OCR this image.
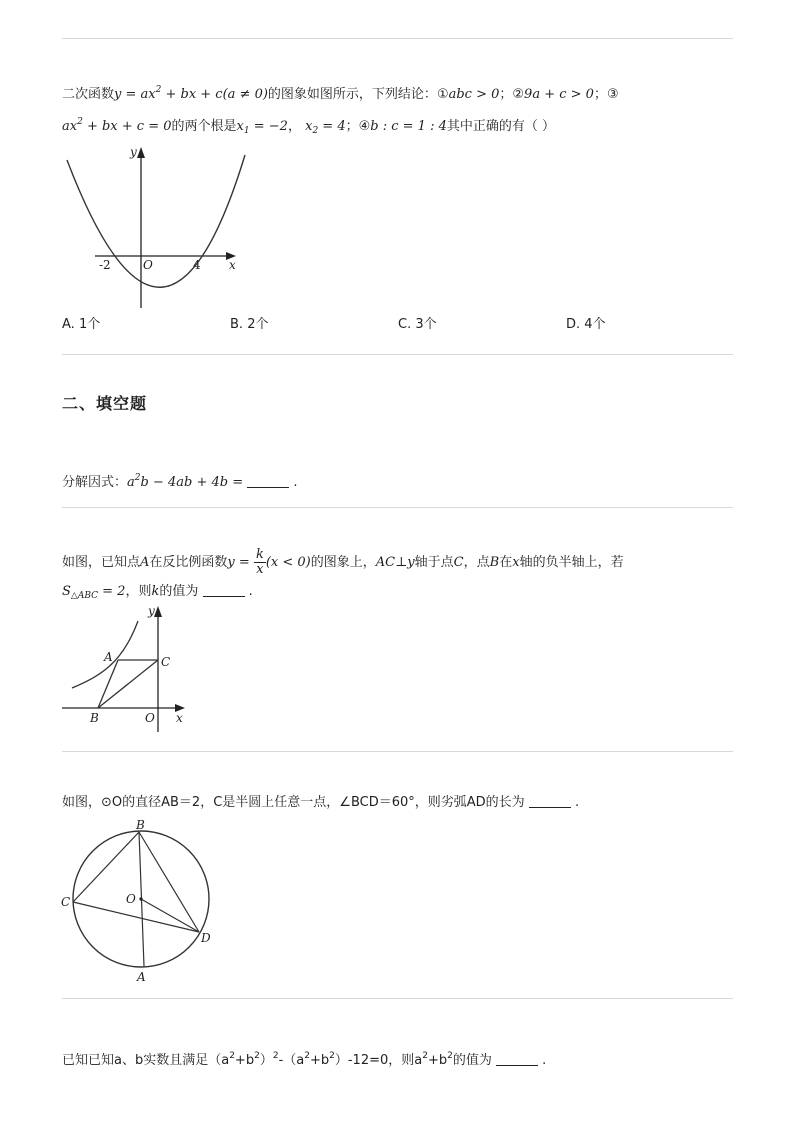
二次函数$y = ax^2$ + bx + c(a ≠ 0)的图象如图所示，下列结论：①abc > 0；②9a + c > 0；③
$ax^2$ + bx + c = 0的两个根是$x_1 = -2$， $x_2 = 4$；④b : c = 1 : 4其中正确的有（ ）
y
x
O
-2	4
A. 1个	B. 2个	C. 3个	D. 4个
二、填空题
分解因式：$a^2b - 4ab + 4b$ =	.
如图，已知点A在反比例函数$y = \frac{k}{x} (x < 0)$的图象上，AC⊥y轴于点C，点B在x轴的负半轴上，若
$S_{\triangle ABC} = 2$，则k的值为	.
y
x
A	C
B	O
如图，⊙O的直径AB＝2，C是半圆上任意一点，∠BCD＝60°，则劣弧AD的长为	.
B
C	O
D
A
已知已知a、b实数且满足$(a^2+b^2)^2-(a^2+b^2)-12=0$，则$a^2+b^2$的值为	.
